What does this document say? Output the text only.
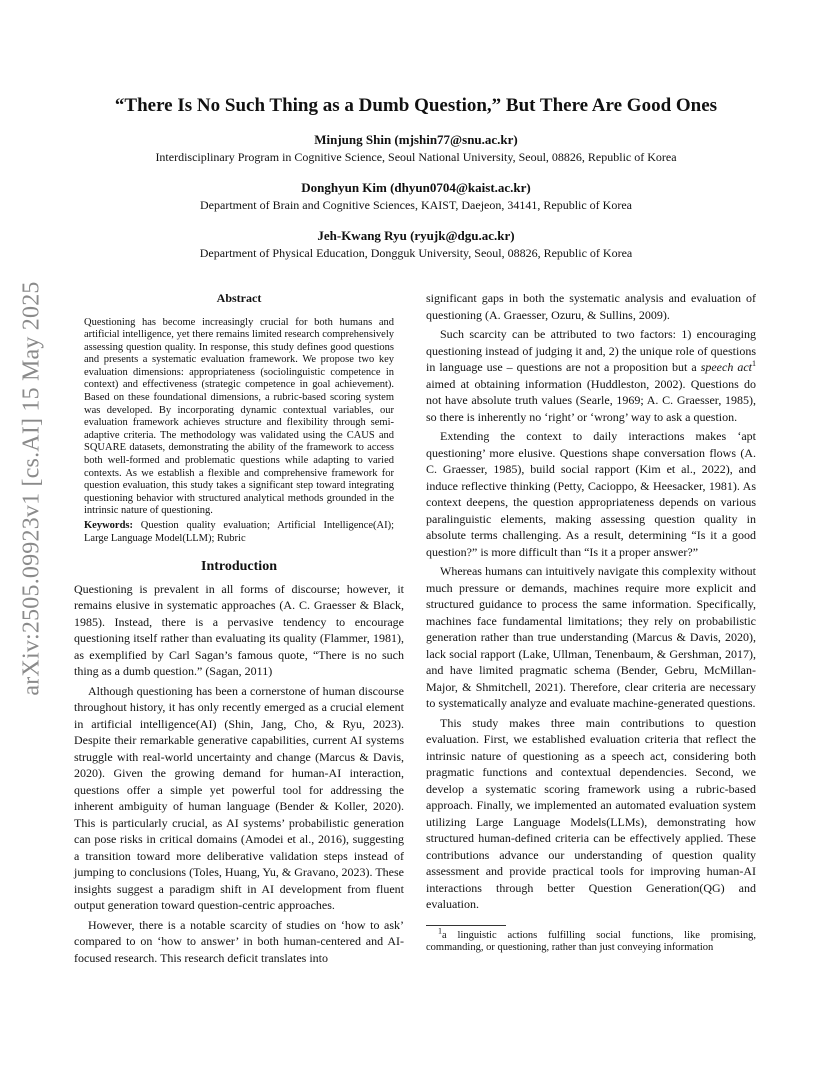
arXiv:2505.09923v1 [cs.AI] 15 May 2025
“There Is No Such Thing as a Dumb Question,” But There Are Good Ones
Minjung Shin (mjshin77@snu.ac.kr)
Interdisciplinary Program in Cognitive Science, Seoul National University, Seoul, 08826, Republic of Korea
Donghyun Kim (dhyun0704@kaist.ac.kr)
Department of Brain and Cognitive Sciences, KAIST, Daejeon, 34141, Republic of Korea
Jeh-Kwang Ryu (ryujk@dgu.ac.kr)
Department of Physical Education, Dongguk University, Seoul, 08826, Republic of Korea
Abstract

Questioning has become increasingly crucial for both humans and artificial intelligence, yet there remains limited research comprehensively assessing question quality. In response, this study defines good questions and presents a systematic evaluation framework. We propose two key evaluation dimensions: appropriateness (sociolinguistic competence in context) and effectiveness (strategic competence in goal achievement). Based on these foundational dimensions, a rubric-based scoring system was developed. By incorporating dynamic contextual variables, our evaluation framework achieves structure and flexibility through semi-adaptive criteria. The methodology was validated using the CAUS and SQUARE datasets, demonstrating the ability of the framework to access both well-formed and problematic questions while adapting to varied contexts. As we establish a flexible and comprehensive framework for question evaluation, this study takes a significant step toward integrating questioning behavior with structured analytical methods grounded in the intrinsic nature of questioning.

Keywords: Question quality evaluation; Artificial Intelligence(AI); Large Language Model(LLM); Rubric

Introduction

Questioning is prevalent in all forms of discourse; however, it remains elusive in systematic approaches (A. C. Graesser & Black, 1985). Instead, there is a pervasive tendency to encourage questioning itself rather than evaluating its quality (Flammer, 1981), as exemplified by Carl Sagan’s famous quote, “There is no such thing as a dumb question.” (Sagan, 2011)

Although questioning has been a cornerstone of human discourse throughout history, it has only recently emerged as a crucial element in artificial intelligence(AI) (Shin, Jang, Cho, & Ryu, 2023). Despite their remarkable generative capabilities, current AI systems struggle with real-world uncertainty and change (Marcus & Davis, 2020). Given the growing demand for human-AI interaction, questions offer a simple yet powerful tool for addressing the inherent ambiguity of human language (Bender & Koller, 2020). This is particularly crucial, as AI systems’ probabilistic generation can pose risks in critical domains (Amodei et al., 2016), suggesting a transition toward more deliberative validation steps instead of jumping to conclusions (Toles, Huang, Yu, & Gravano, 2023). These insights suggest a paradigm shift in AI development from fluent output generation toward question-centric approaches.

However, there is a notable scarcity of studies on ‘how to ask’ compared to on ‘how to answer’ in both human-centered and AI-focused research. This research deficit translates into

significant gaps in both the systematic analysis and evaluation of questioning (A. Graesser, Ozuru, & Sullins, 2009).

Such scarcity can be attributed to two factors: 1) encouraging questioning instead of judging it and, 2) the unique role of questions in language use – questions are not a proposition but a speech act$^1$ aimed at obtaining information (Huddleston, 2002). Questions do not have absolute truth values (Searle, 1969; A. C. Graesser, 1985), so there is inherently no ‘right’ or ‘wrong’ way to ask a question.

Extending the context to daily interactions makes ‘apt questioning’ more elusive. Questions shape conversation flows (A. C. Graesser, 1985), build social rapport (Kim et al., 2022), and induce reflective thinking (Petty, Cacioppo, & Heesacker, 1981). As context deepens, the question appropriateness depends on various paralinguistic elements, making assessing question quality in absolute terms challenging. As a result, determining “Is it a good question?” is more difficult than “Is it a proper answer?”

Whereas humans can intuitively navigate this complexity without much pressure or demands, machines require more explicit and structured guidance to process the same information. Specifically, machines face fundamental limitations; they rely on probabilistic generation rather than true understanding (Marcus & Davis, 2020), lack social rapport (Lake, Ullman, Tenenbaum, & Gershman, 2017), and have limited pragmatic schema (Bender, Gebru, McMillan-Major, & Shmitchell, 2021). Therefore, clear criteria are necessary to systematically analyze and evaluate machine-generated questions.

This study makes three main contributions to question evaluation. First, we established evaluation criteria that reflect the intrinsic nature of questioning as a speech act, considering both pragmatic functions and contextual dependencies. Second, we develop a systematic scoring framework using a rubric-based approach. Finally, we implemented an automated evaluation system utilizing Large Language Models(LLMs), demonstrating how structured human-defined criteria can be effectively applied. These contributions advance our understanding of question quality assessment and provide practical tools for improving human-AI interactions through better Question Generation(QG) and evaluation.

$^1$a linguistic actions fulfilling social functions, like promising, commanding, or questioning, rather than just conveying information
